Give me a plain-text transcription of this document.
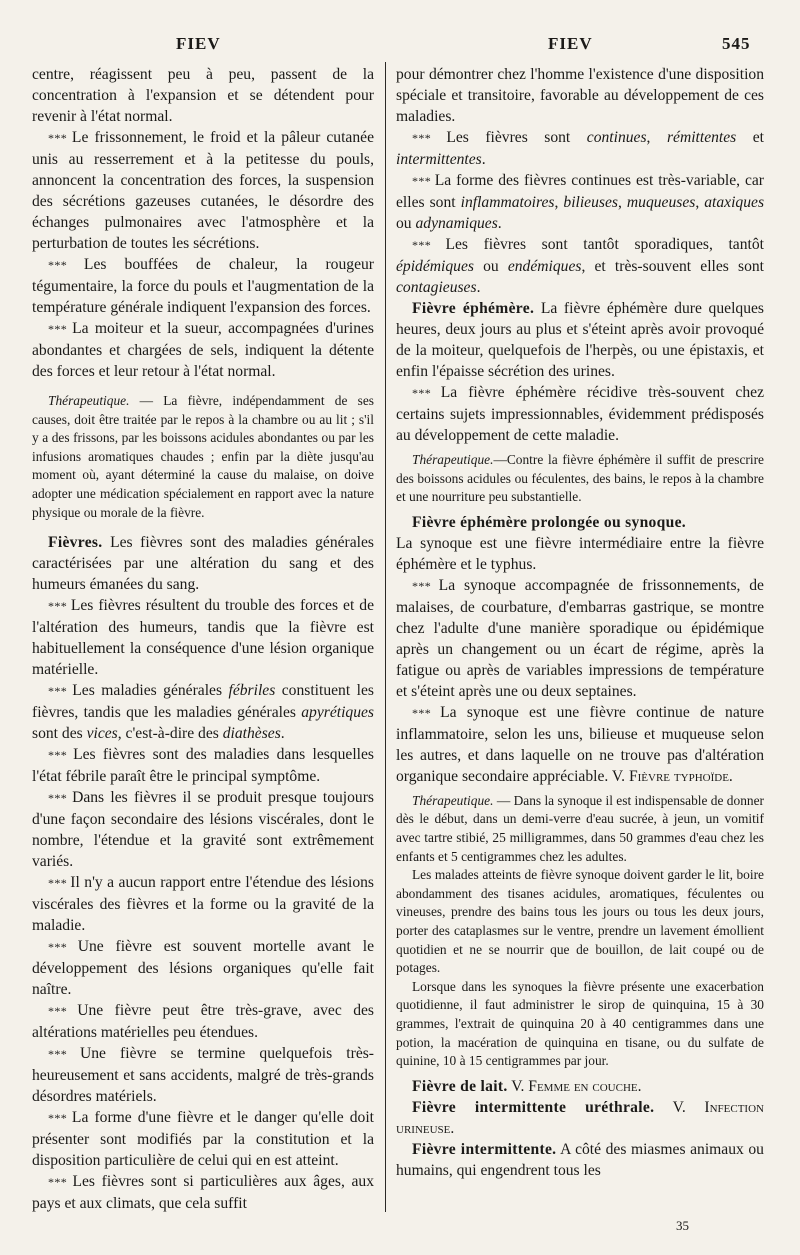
FIEV	FIEV	545

centre, réagissent peu à peu, passent de la concentration à l'expansion et se détendent pour revenir à l'état normal.

* * * Le frissonnement, le froid et la pâleur cutanée unis au resserrement et à la petitesse du pouls, annoncent la concentration des forces, la suspension des sécrétions gazeuses cutanées, le désordre des échanges pulmonaires avec l'atmosphère et la perturbation de toutes les sécrétions.

* * * Les bouffées de chaleur, la rougeur tégumentaire, la force du pouls et l'augmentation de la température générale indiquent l'expansion des forces.

* * * La moiteur et la sueur, accompagnées d'urines abondantes et chargées de sels, indiquent la détente des forces et leur retour à l'état normal.

Thérapeutique. — La fièvre, indépendamment de ses causes, doit être traitée par le repos à la chambre ou au lit ; s'il y a des frissons, par les boissons acidules abondantes ou par les infusions aromatiques chaudes ; enfin par la diète jusqu'au moment où, ayant déterminé la cause du malaise, on doive adopter une médication spécialement en rapport avec la nature physique ou morale de la fièvre.

Fièvres. Les fièvres sont des maladies générales caractérisées par une altération du sang et des humeurs émanées du sang.

* * * Les fièvres résultent du trouble des forces et de l'altération des humeurs, tandis que la fièvre est habituellement la conséquence d'une lésion organique matérielle.

* * * Les maladies générales fébriles constituent les fièvres, tandis que les maladies générales apyrétiques sont des vices, c'est-à-dire des diathèses.

* * * Les fièvres sont des maladies dans lesquelles l'état fébrile paraît être le principal symptôme.

* * * Dans les fièvres il se produit presque toujours d'une façon secondaire des lésions viscérales, dont le nombre, l'étendue et la gravité sont extrêmement variés.

* * * Il n'y a aucun rapport entre l'étendue des lésions viscérales des fièvres et la forme ou la gravité de la maladie.

* * * Une fièvre est souvent mortelle avant le développement des lésions organiques qu'elle fait naître.

* * * Une fièvre peut être très-grave, avec des altérations matérielles peu étendues.

* * * Une fièvre se termine quelquefois très-heureusement et sans accidents, malgré de très-grands désordres matériels.

* * * La forme d'une fièvre et le danger qu'elle doit présenter sont modifiés par la constitution et la disposition particulière de celui qui en est atteint.

* * * Les fièvres sont si particulières aux âges, aux pays et aux climats, que cela suffit

pour démontrer chez l'homme l'existence d'une disposition spéciale et transitoire, favorable au développement de ces maladies.

* * * Les fièvres sont continues, rémittentes et intermittentes.

* * * La forme des fièvres continues est très-variable, car elles sont inflammatoires, bilieuses, muqueuses, ataxiques ou adynamiques.

* * * Les fièvres sont tantôt sporadiques, tantôt épidémiques ou endémiques, et très-souvent elles sont contagieuses.

Fièvre éphémère. La fièvre éphémère dure quelques heures, deux jours au plus et s'éteint après avoir provoqué de la moiteur, quelquefois de l'herpès, ou une épistaxis, et enfin l'épaisse sécrétion des urines.

* * * La fièvre éphémère récidive très-souvent chez certains sujets impressionnables, évidemment prédisposés au développement de cette maladie.

Thérapeutique.—Contre la fièvre éphémère il suffit de prescrire des boissons acidules ou féculentes, des bains, le repos à la chambre et une nourriture peu substantielle.

Fièvre éphémère prolongée ou synoque.

La synoque est une fièvre intermédiaire entre la fièvre éphémère et le typhus.

* * * La synoque accompagnée de frissonnements, de malaises, de courbature, d'embarras gastrique, se montre chez l'adulte d'une manière sporadique ou épidémique après un changement ou un écart de régime, après la fatigue ou après de variables impressions de température et s'éteint après une ou deux septaines.

* * * La synoque est une fièvre continue de nature inflammatoire, selon les uns, bilieuse et muqueuse selon les autres, et dans laquelle on ne trouve pas d'altération organique secondaire appréciable. V. Fièvre typhoïde.

Thérapeutique. — Dans la synoque il est indispensable de donner dès le début, dans un demi-verre d'eau sucrée, à jeun, un vomitif avec tartre stibié, 25 milligrammes, dans 50 grammes d'eau chez les enfants et 5 centigrammes chez les adultes.

Les malades atteints de fièvre synoque doivent garder le lit, boire abondamment des tisanes acidules, aromatiques, féculentes ou vineuses, prendre des bains tous les jours ou tous les deux jours, porter des cataplasmes sur le ventre, prendre un lavement émollient quotidien et ne se nourrir que de bouillon, de lait coupé ou de potages.

Lorsque dans les synoques la fièvre présente une exacerbation quotidienne, il faut administrer le sirop de quinquina, 15 à 30 grammes, l'extrait de quinquina 20 à 40 centigrammes dans une potion, la macération de quinquina en tisane, ou du sulfate de quinine, 10 à 15 centigrammes par jour.

Fièvre de lait. V. Femme en couche.

Fièvre intermittente uréthrale. V. Infection urineuse.

Fièvre intermittente. A côté des miasmes animaux ou humains, qui engendrent tous les

35
